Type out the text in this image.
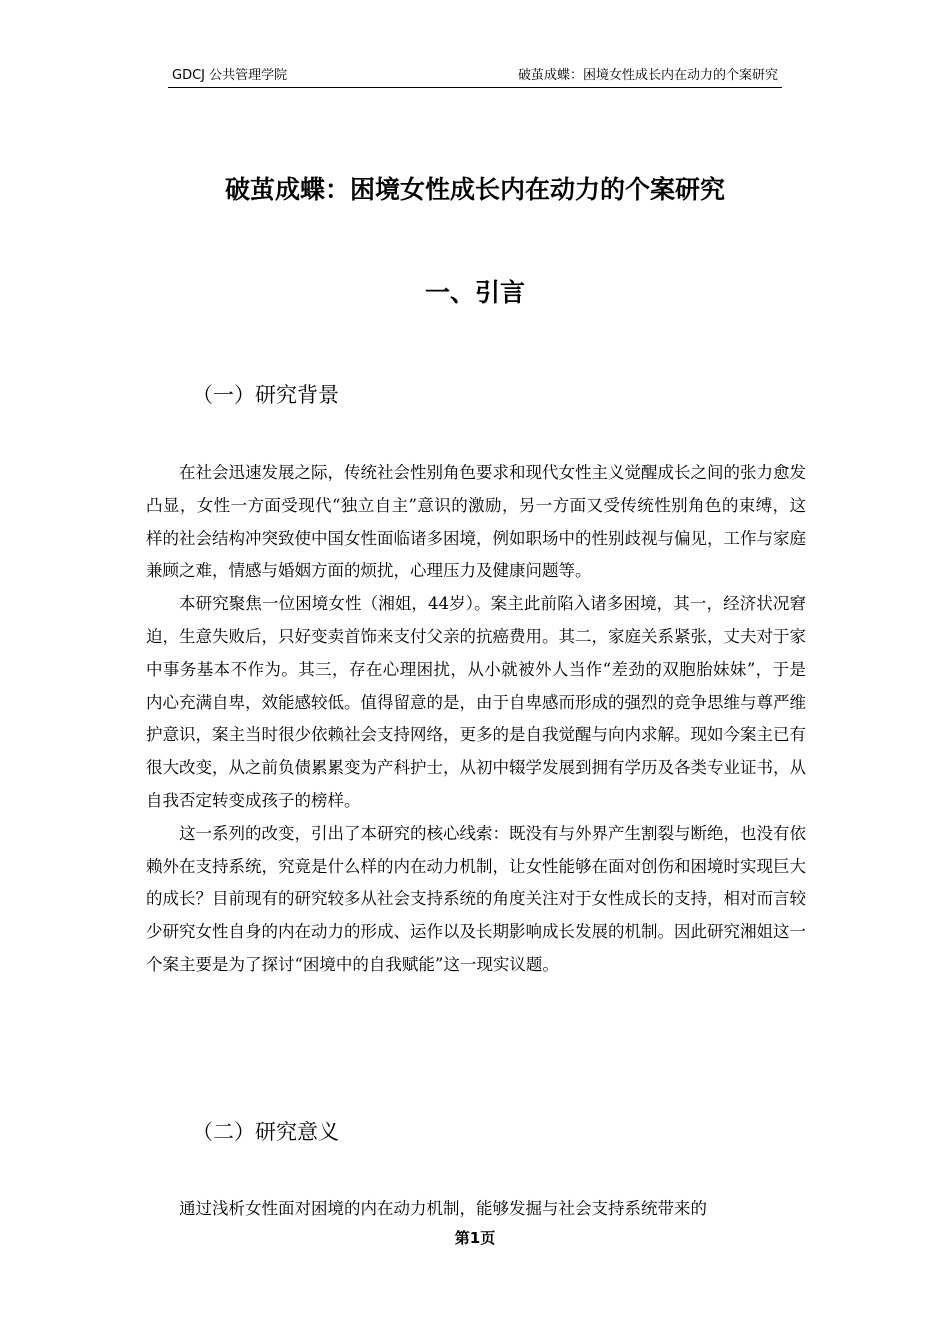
GDCJ 公共管理学院	破茧成蝶：困境女性成长内在动力的个案研究
破茧成蝶：困境女性成长内在动力的个案研究
一、引言
（一）研究背景

在社会迅速发展之际，传统社会性别角色要求和现代女性主义觉醒成长之间的张力愈发凸显，女性一方面受现代“独立自主”意识的激励，另一方面又受传统性别角色的束缚，这样的社会结构冲突致使中国女性面临诸多困境，例如职场中的性别歧视与偏见，工作与家庭兼顾之难，情感与婚姻方面的烦扰，心理压力及健康问题等。

本研究聚焦一位困境女性（湘姐，44岁）。案主此前陷入诸多困境，其一，经济状况窘迫，生意失败后，只好变卖首饰来支付父亲的抗癌费用。其二，家庭关系紧张，丈夫对于家中事务基本不作为。其三，存在心理困扰，从小就被外人当作“差劲的双胞胎妹妹”，于是内心充满自卑，效能感较低。值得留意的是，由于自卑感而形成的强烈的竞争思维与尊严维护意识，案主当时很少依赖社会支持网络，更多的是自我觉醒与向内求解。现如今案主已有很大改变，从之前负债累累变为产科护士，从初中辍学发展到拥有学历及各类专业证书，从自我否定转变成孩子的榜样。

这一系列的改变，引出了本研究的核心线索：既没有与外界产生割裂与断绝，也没有依赖外在支持系统，究竟是什么样的内在动力机制，让女性能够在面对创伤和困境时实现巨大的成长？目前现有的研究较多从社会支持系统的角度关注对于女性成长的支持，相对而言较少研究女性自身的内在动力的形成、运作以及长期影响成长发展的机制。因此研究湘姐这一个案主要是为了探讨“困境中的自我赋能”这一现实议题。

（二）研究意义

通过浅析女性面对困境的内在动力机制，能够发掘与社会支持系统带来的

第1页
